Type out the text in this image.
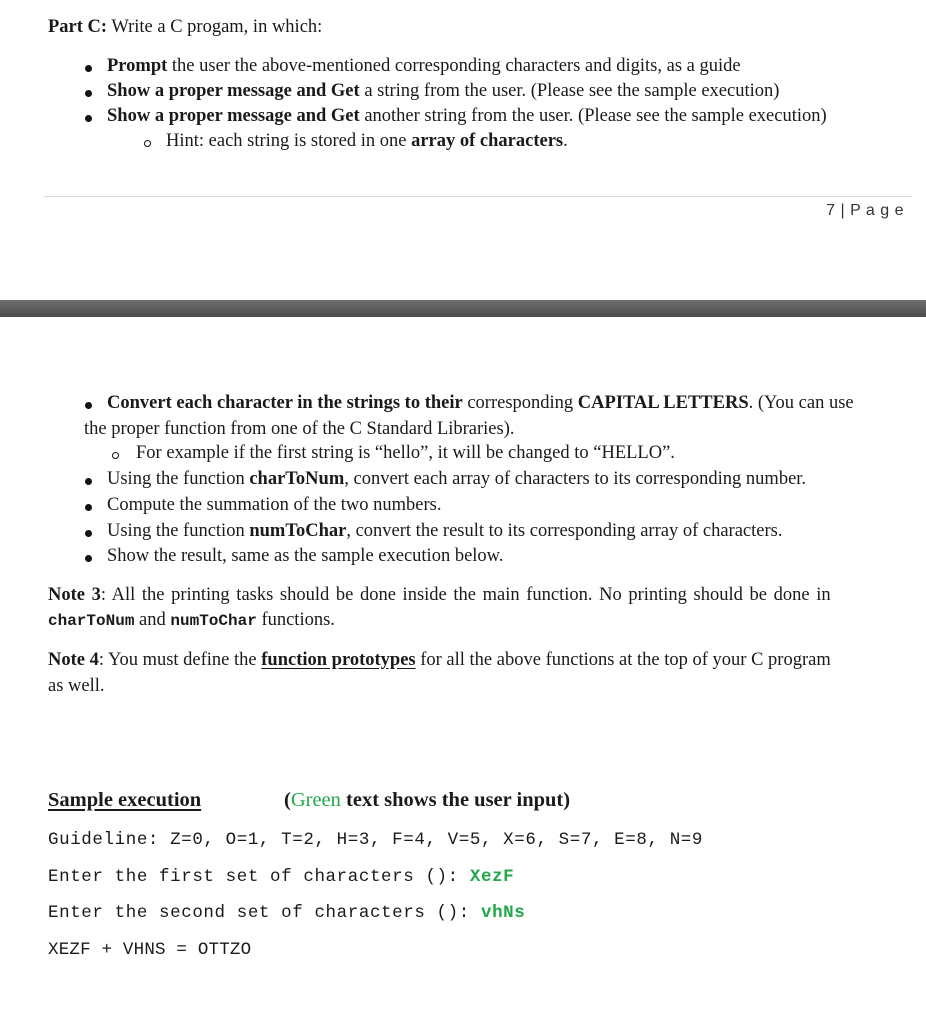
Part C: Write a C progam, in which:
Prompt the user the above-mentioned corresponding characters and digits, as a guide
Show a proper message and Get a string from the user. (Please see the sample execution)
Show a proper message and Get another string from the user. (Please see the sample execution)
Hint: each string is stored in one array of characters.
7 | P a g e
Convert each character in the strings to their corresponding CAPITAL LETTERS. (You can use
the proper function from one of the C Standard Libraries).
For example if the first string is “hello”, it will be changed to “HELLO”.
Using the function charToNum, convert each array of characters to its corresponding number.
Compute the summation of the two numbers.
Using the function numToChar, convert the result to its corresponding array of characters.
Show the result, same as the sample execution below.
Note 3: All the printing tasks should be done inside the main function. No printing should be done in
charToNum and numToChar functions.
Note 4: You must define the function prototypes for all the above functions at the top of your C program
as well.
Sample execution	(Green text shows the user input)
Guideline: Z=0, O=1, T=2, H=3, F=4, V=5, X=6, S=7, E=8, N=9
Enter the first set of characters (): XezF
Enter the second set of characters (): vhNs
XEZF + VHNS = OTTZO
